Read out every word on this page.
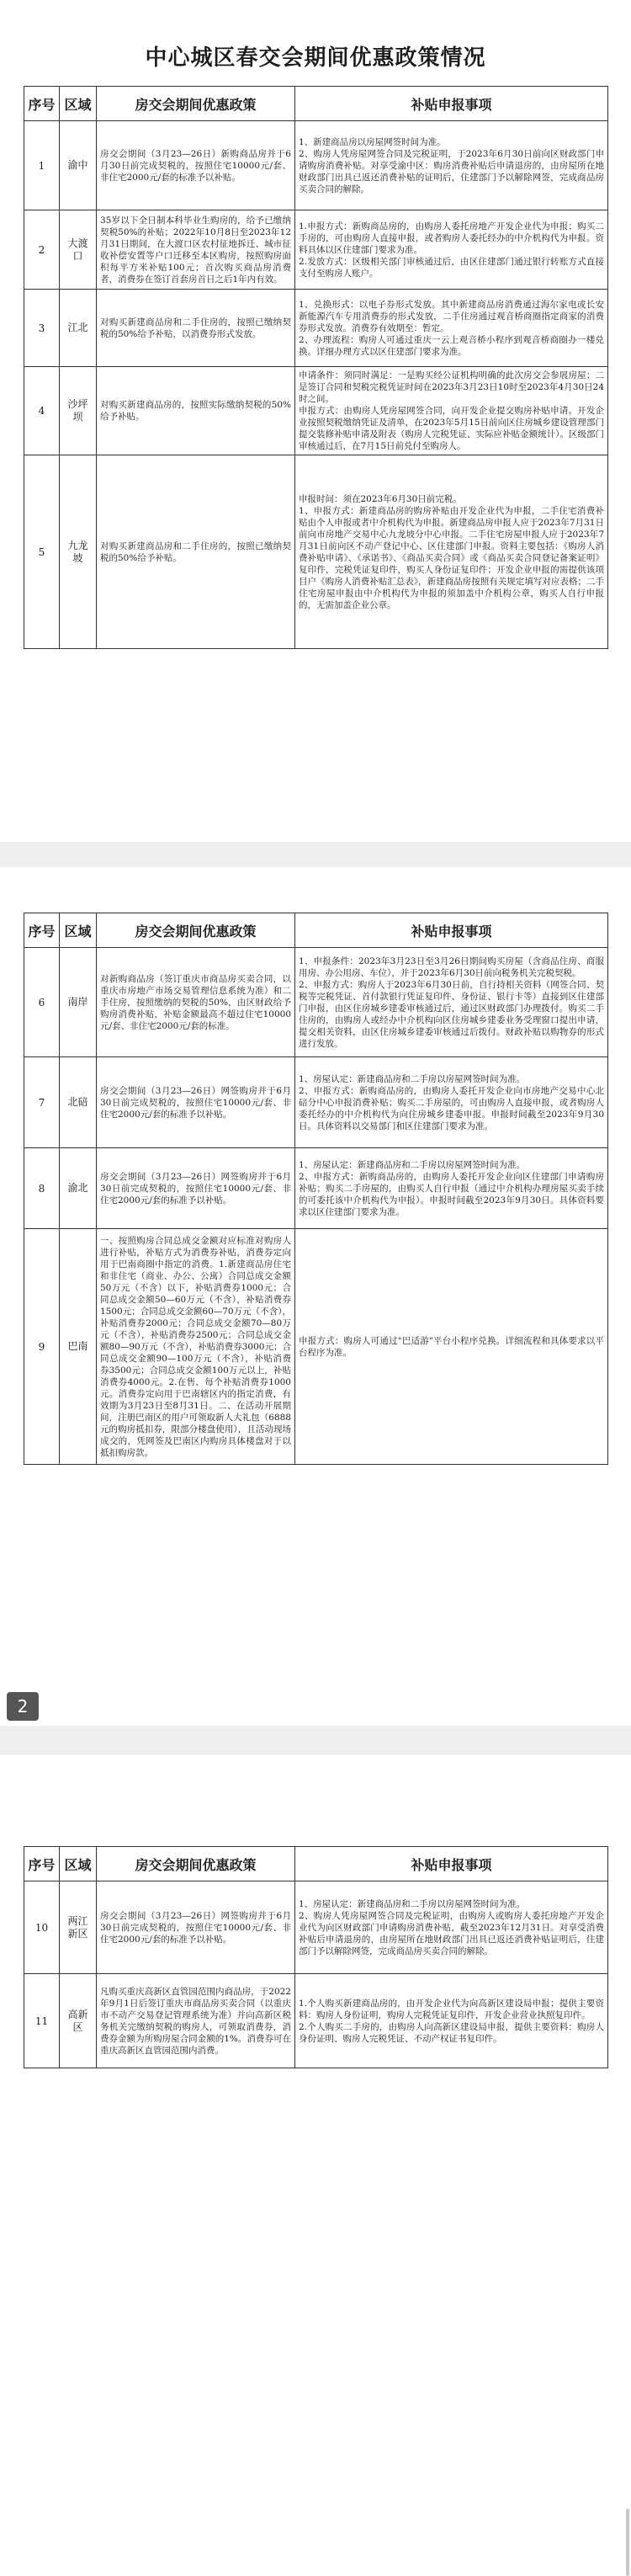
中心城区春交会期间优惠政策情况
序号	区域	房交会期间优惠政策	补贴申报事项
1	渝中	房交会期间（3月23—26日）新购商品房并于6月30日前完成契税的，按照住宅10000元/套、非住宅2000元/套的标准予以补贴。	1、新建商品房以房屋网签时间为准。
2、购房人凭房屋网签合同及完税证明，于2023年6月30日前向区财政部门申请购房消费补贴。对享受渝中区：购房消费补贴后申请退房的，由房屋所在地财政部门出具已返还消费补贴的证明后，住建部门予以解除网签，完成商品房买卖合同的解除。

2	大渡口	35岁以下全日制本科毕业生购房的，给予已缴纳契税50%的补贴；2022年10月8日至2023年12月31日期间，在大渡口区农村征地拆迁、城市征收补偿安置等户口迁移至本区购房，按照购房面积每平方米补贴100元；首次购买商品房消费者，消费券在签订首套房首日之后1年内有效。	1.申报方式：新购商品房的，由购房人委托房地产开发企业代为申报；购买二手房的，可由购房人直接申报，或者购房人委托经办的中介机构代为申报。资料具体以区住建部门要求为准。
2.发放方式：区级相关部门审核通过后，由区住建部门通过银行转账方式直接支付至购房人账户。

3	江北	对购买新建商品房和二手住房的，按照已缴纳契税的50%给予补贴，以消费券形式发放。	1、兑换形式：以电子券形式发放。其中新建商品房消费通过海尔家电或长安新能源汽车专用消费券的形式发放，二手住房通过观音桥商圈指定商家的消费券形式发放。消费券有效期至：暂定。
2、办理流程：购房人可通过重庆一云上观音桥小程序到观音桥商圈办一楼兑换。详细办理方式以区住建部门要求为准。

4	沙坪坝	对购买新建商品房的，按照实际缴纳契税的50%给予补贴。	申请条件：须同时满足：一是购买经公证机构明确的此次房交会参展房屋；二是签订合同和契税完税凭证时间在2023年3月23日10时至2023年4月30日24时之间。
申报方式：由购房人凭房屋网签合同，向开发企业提交购房补贴申请。开发企业按照契税缴纳凭证及清单，在2023年5月15日前向区住房城乡建设管理部门提交装修补贴申请及附表（购房人完税凭证、实际应补贴金额统计）。区级部门审核通过后，在7月15日前兑付至购房人。

5	九龙坡	对购买新建商品房和二手住房的，按照已缴纳契税的50%给予补贴。	申报时间：须在2023年6月30日前完税。
1、申报方式：新建商品房的购房补贴由开发企业代为申报，二手住宅消费补贴由个人申报或者中介机构代为申报。新建商品房申报人应于2023年7月31日前向市房地产交易中心九龙坡分中心申报。二手住宅房屋申报人应于2023年7月31日前向区不动产登记中心、区住建部门申报。资料主要包括：《购房人消费补贴申请》、《承诺书》、《商品买卖合同》或《商品买卖合同登记备案证明》复印件，完税凭证复印件，购买人身份证复印件；开发企业申报的需提供该项目户《购房人消费补贴汇总表》，新建商品房按照有关规定填写对应表格；二手住宅房屋申报由中介机构代为申报的须加盖中介机构公章，购买人自行申报的，无需加盖企业公章。
序号	区域	房交会期间优惠政策	补贴申报事项
6	南岸	对新购商品房（签订重庆市商品房买卖合同，以重庆市房地产市场交易管理信息系统为准）和二手住房，按照缴纳的契税的50%，由区财政给予购房消费补贴，补贴金额最高不超过住宅10000元/套、非住宅2000元/套的标准。	1、申报条件：2023年3月23日至3月26日期间购买房屋（含商品住房、商服用房、办公用房、车位），并于2023年6月30日前向税务机关完税契税。
2、申报方式：购房人于2023年6月30日前，自行持相关资料（网签合同、契税等完税凭证、首付款银行凭证复印件、身份证、银行卡等）直接到区住建部门申报，由区住房城乡建委审核通过后，通过区财政部门办理拨付。购买二手住房的，由购房人或经办中介机构向区住房城乡建委业务受理窗口提出申请，提交相关资料，由区住房城乡建委审核通过后拨付。财政补贴以购物券的形式进行发放。

7	北碚	房交会期间（3月23—26日）网签购房并于6月30日前完成契税的，按照住宅10000元/套、非住宅2000元/套的标准予以补贴。	1、房屋认定：新建商品房和二手房以房屋网签时间为准。
2、申报方式：新购商品房的，由购房人委托开发企业向市房地产交易中心北碚分中心申报消费补贴；购买二手房屋的，可由购房人直接申报，或者购房人委托经办的中介机构代为向住房城乡建委申报。申报时间截至2023年9月30日。具体资料以交易部门和区住建部门要求为准。

8	渝北	房交会期间（3月23—26日）网签购房并于6月30日前完成契税的，按照住宅10000元/套、非住宅2000元/套的标准予以补贴。	1、房屋认定：新建商品房和二手房以房屋网签时间为准。
2、申报方式：新购商品房的，由购房人委托开发企业向区住建部门申请购房补贴；购买二手房屋的，由购买人自行申报（通过中介机构办理房屋买卖手续的可委托该中介机构代为申报）。申报时间截至2023年9月30日。具体资料要求以区住建部门要求为准。

9	巴南	一、按照购房合同总成交金额对应标准对购房人进行补贴，补贴方式为消费券补贴，消费券定向用于巴南商圈中指定的消费。1.新建商品房住宅和非住宅（商业、办公、公寓）合同总成交金额50万元（不含）以下，补贴消费券1000元；合同总成交金额50—60万元（不含），补贴消费券1500元；合同总成交金额60—70万元（不含），补贴消费券2000元；合同总成交金额70—80万元（不含），补贴消费券2500元；合同总成交金额80—90万元（不含），补贴消费券3000元；合同总成交金额90—100万元（不含），补贴消费券3500元；合同总成交金额100万元以上，补贴消费券4000元。2.在售、每个补贴消费券1000元。消费券定向用于巴南辖区内的指定消费，有效期为3月23日至8月31日。二、在活动开展期间，注册巴南区的用户可领取新人大礼包（6888元的购房抵扣券，限部分楼盘使用），且活动现场成交的，凭网签及巴南区内购房具体楼盘对于以抵扣购房款。	申报方式：购房人可通过"巴适游"平台小程序兑换。详细流程和具体要求以平台程序为准。
2
序号	区域	房交会期间优惠政策	补贴申报事项
10	两江新区	房交会期间（3月23—26日）网签购房并于6月30日前完成契税的，按照住宅10000元/套、非住宅2000元/套的标准予以补贴。	1、房屋认定：新建商品房和二手房以房屋网签时间为准。
2、购房人凭房屋网签合同及完税证明，由购房人或购房人委托房地产开发企业代为向区财政部门申请购房消费补贴，截至2023年12月31日。对享受消费补贴后申请退房的，由房屋所在地财政部门出具已返还消费补贴证明后，住建部门予以解除网签，完成商品房买卖合同的解除。

11	高新区	凡购买重庆高新区直管园范围内商品房，于2022年9月1日后签订重庆市商品房买卖合同（以重庆市不动产交易登记管理系统为准）并向高新区税务机关完缴纳契税的购房人，可领取消费券，消费券金额为所购房屋合同金额的1%。消费券可在重庆高新区直管园范围内消费。	1.个人购买新建商品房的，由开发企业代为向高新区建设局申报；提供主要资料：购房人身份证明，购房人完税凭证复印件，开发企业营业执照复印件。
2.个人购买二手房的，由购房人向高新区建设局申报，提供主要资料：购房人身份证明、购房人完税凭证、不动产权证书复印件。
